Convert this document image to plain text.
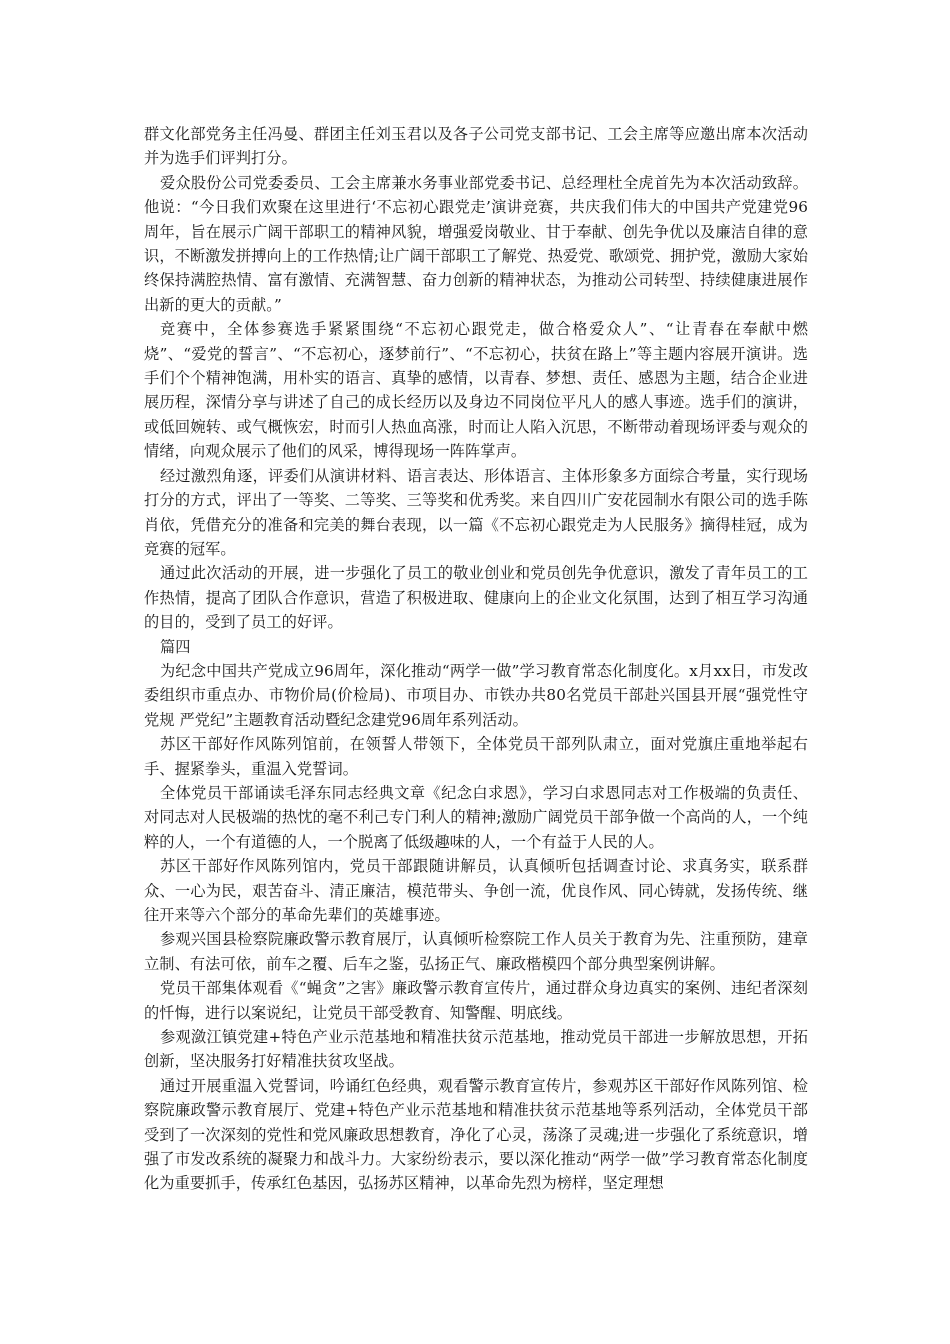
群文化部党务主任冯曼、群团主任刘玉君以及各子公司党支部书记、工会主席等应邀出席本次活动并为选手们评判打分。

爱众股份公司党委委员、工会主席兼水务事业部党委书记、总经理杜全虎首先为本次活动致辞。他说：“今日我们欢聚在这里进行‘不忘初心跟党走’演讲竞赛，共庆我们伟大的中国共产党建党96周年，旨在展示广阔干部职工的精神风貌，增强爱岗敬业、甘于奉献、创先争优以及廉洁自律的意识，不断激发拼搏向上的工作热情;让广阔干部职工了解党、热爱党、歌颂党、拥护党，激励大家始终保持满腔热情、富有激情、充满智慧、奋力创新的精神状态，为推动公司转型、持续健康进展作出新的更大的贡献。”

竞赛中，全体参赛选手紧紧围绕“不忘初心跟党走，做合格爱众人”、“让青春在奉献中燃烧”、“爱党的誓言”、“不忘初心，逐梦前行”、“不忘初心，扶贫在路上”等主题内容展开演讲。选手们个个精神饱满，用朴实的语言、真挚的感情，以青春、梦想、责任、感恩为主题，结合企业进展历程，深情分享与讲述了自己的成长经历以及身边不同岗位平凡人的感人事迹。选手们的演讲，或低回婉转、或气概恢宏，时而引人热血高涨，时而让人陷入沉思，不断带动着现场评委与观众的情绪，向观众展示了他们的风采，博得现场一阵阵掌声。

经过激烈角逐，评委们从演讲材料、语言表达、形体语言、主体形象多方面综合考量，实行现场打分的方式，评出了一等奖、二等奖、三等奖和优秀奖。来自四川广安花园制水有限公司的选手陈肖依，凭借充分的准备和完美的舞台表现，以一篇《不忘初心跟党走为人民服务》摘得桂冠，成为竞赛的冠军。

通过此次活动的开展，进一步强化了员工的敬业创业和党员创先争优意识，激发了青年员工的工作热情，提高了团队合作意识，营造了积极进取、健康向上的企业文化氛围，达到了相互学习沟通的目的，受到了员工的好评。

篇四

为纪念中国共产党成立96周年，深化推动“两学一做”学习教育常态化制度化。x月xx日，市发改委组织市重点办、市物价局(价检局)、市项目办、市铁办共80名党员干部赴兴国县开展“强党性守党规 严党纪”主题教育活动暨纪念建党96周年系列活动。

苏区干部好作风陈列馆前，在领誓人带领下，全体党员干部列队肃立，面对党旗庄重地举起右手、握紧拳头，重温入党誓词。

全体党员干部诵读毛泽东同志经典文章《纪念白求恩》，学习白求恩同志对工作极端的负责任、对同志对人民极端的热忱的毫不利己专门利人的精神;激励广阔党员干部争做一个高尚的人，一个纯粹的人，一个有道德的人，一个脱离了低级趣味的人，一个有益于人民的人。

苏区干部好作风陈列馆内，党员干部跟随讲解员，认真倾听包括调查讨论、求真务实，联系群众、一心为民，艰苦奋斗、清正廉洁，模范带头、争创一流，优良作风、同心铸就，发扬传统、继往开来等六个部分的革命先辈们的英雄事迹。

参观兴国县检察院廉政警示教育展厅，认真倾听检察院工作人员关于教育为先、注重预防，建章立制、有法可依，前车之覆、后车之鉴，弘扬正气、廉政楷模四个部分典型案例讲解。

党员干部集体观看《“蝇贪”之害》廉政警示教育宣传片，通过群众身边真实的案例、违纪者深刻的忏悔，进行以案说纪，让党员干部受教育、知警醒、明底线。

参观潋江镇党建+特色产业示范基地和精准扶贫示范基地，推动党员干部进一步解放思想，开拓创新，坚决服务打好精准扶贫攻坚战。

通过开展重温入党誓词，吟诵红色经典，观看警示教育宣传片，参观苏区干部好作风陈列馆、检察院廉政警示教育展厅、党建+特色产业示范基地和精准扶贫示范基地等系列活动，全体党员干部受到了一次深刻的党性和党风廉政思想教育，净化了心灵，荡涤了灵魂;进一步强化了系统意识，增强了市发改系统的凝聚力和战斗力。大家纷纷表示，要以深化推动“两学一做”学习教育常态化制度化为重要抓手，传承红色基因，弘扬苏区精神，以革命先烈为榜样，坚定理想
